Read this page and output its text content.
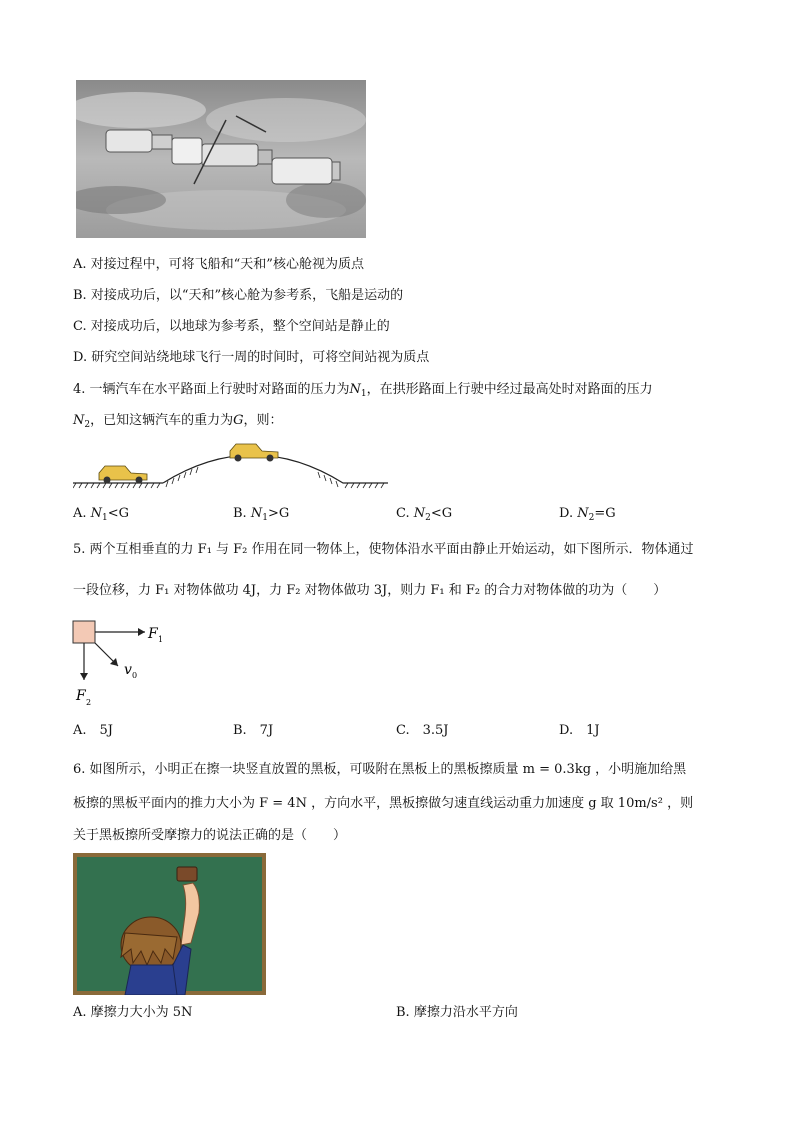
A. 对接过程中，可将飞船和“天和”核心舱视为质点
B. 对接成功后，以“天和”核心舱为参考系，飞船是运动的
C. 对接成功后，以地球为参考系，整个空间站是静止的
D. 研究空间站绕地球飞行一周的时间时，可将空间站视为质点
4. 一辆汽车在水平路面上行驶时对路面的压力为$N_1$，在拱形路面上行驶中经过最高处时对路面的压力
$N_2$，已知这辆汽车的重力为G，则：
A. $N_1<G$	B. $N_1>G$	C. $N_2<G$	D. $N_2=G$
5. 两个互相垂直的力 F₁ 与 F₂ 作用在同一物体上，使物体沿水平面由静止开始运动，如下图所示．物体通过
一段位移，力 F₁ 对物体做功 4J，力 F₂ 对物体做功 3J，则力 F₁ 和 F₂ 的合力对物体做的功为（　　）
F 1
v 0
F 2
A.　5J	B.　7J	C.　3.5J	D.　1J
6. 如图所示，小明正在擦一块竖直放置的黑板，可吸附在黑板上的黑板擦质量 m = 0.3kg ，小明施加给黑
板擦的黑板平面内的推力大小为 F = 4N ，方向水平，黑板擦做匀速直线运动重力加速度 g 取 10m/s² ，则
关于黑板擦所受摩擦力的说法正确的是（　　）
A. 摩擦力大小为 5N	B. 摩擦力沿水平方向
